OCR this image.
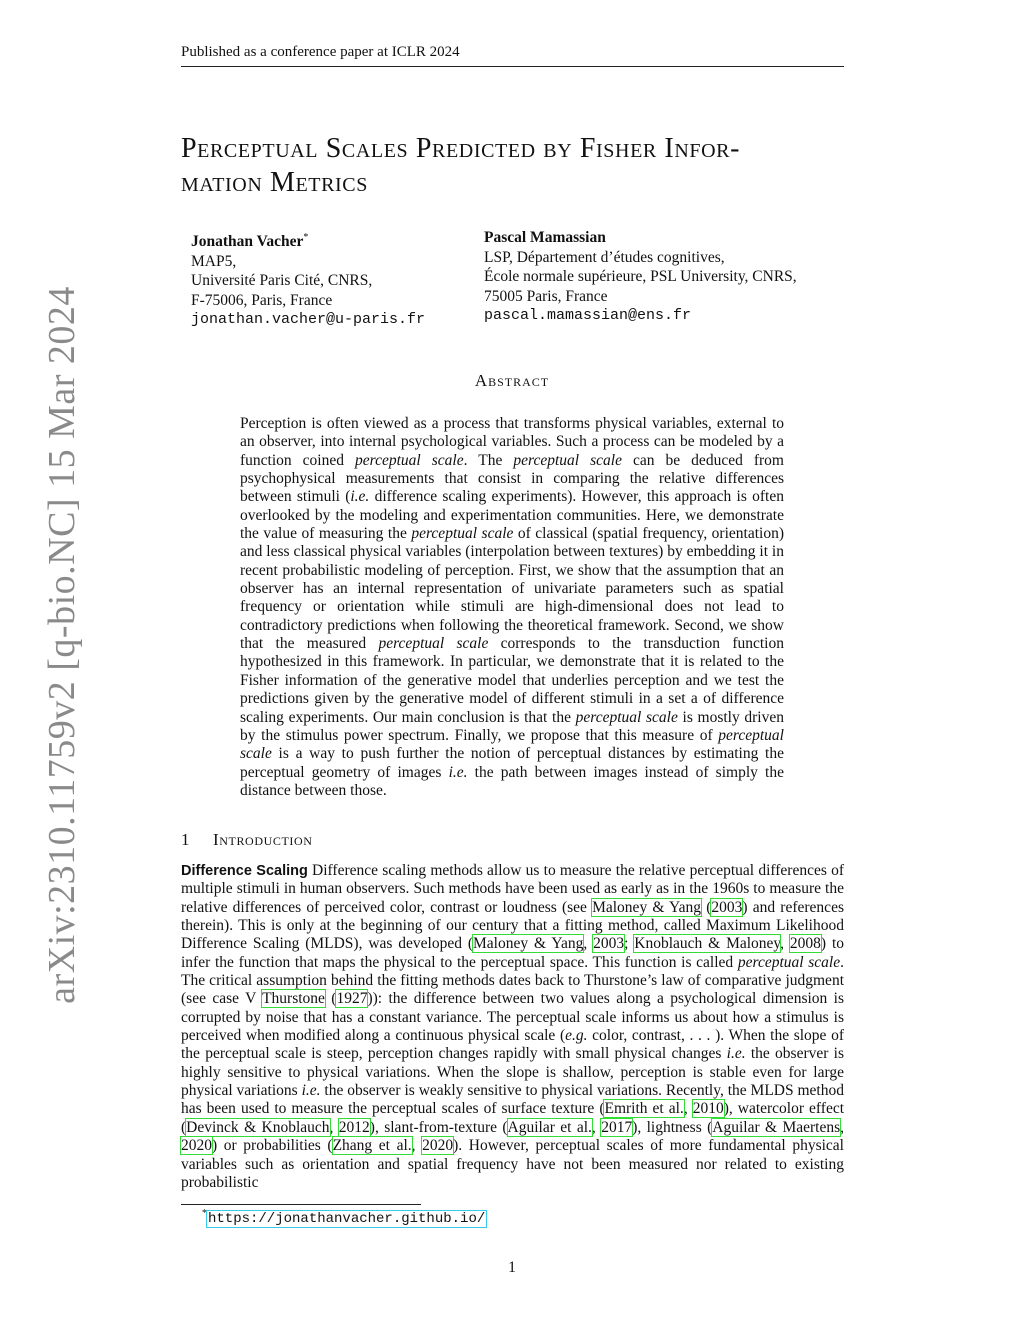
Published as a conference paper at ICLR 2024
arXiv:2310.11759v2 [q-bio.NC] 15 Mar 2024
Perceptual Scales Predicted by Fisher Infor-
mation Metrics
Jonathan Vacher*
MAP5,
Université Paris Cité, CNRS,
F-75006, Paris, France
jonathan.vacher@u-paris.fr
Pascal Mamassian
LSP, Département d’études cognitives,
École normale supérieure, PSL University, CNRS,
75005 Paris, France
pascal.mamassian@ens.fr
Abstract
Perception is often viewed as a process that transforms physical variables, external to an observer, into internal psychological variables. Such a process can be modeled by a function coined perceptual scale. The perceptual scale can be deduced from psychophysical measurements that consist in comparing the relative differences between stimuli (i.e. difference scaling experiments). However, this approach is often overlooked by the modeling and experimentation communities. Here, we demonstrate the value of measuring the perceptual scale of classical (spatial frequency, orientation) and less classical physical variables (interpolation between textures) by embedding it in recent probabilistic modeling of perception. First, we show that the assumption that an observer has an internal representation of univariate parameters such as spatial frequency or orientation while stimuli are high-dimensional does not lead to contradictory predictions when following the theoretical framework. Second, we show that the measured perceptual scale corresponds to the transduction function hypothesized in this framework. In particular, we demonstrate that it is related to the Fisher information of the generative model that underlies perception and we test the predictions given by the generative model of different stimuli in a set a of difference scaling experiments. Our main conclusion is that the perceptual scale is mostly driven by the stimulus power spectrum. Finally, we propose that this measure of perceptual scale is a way to push further the notion of perceptual distances by estimating the perceptual geometry of images i.e. the path between images instead of simply the distance between those.
1 Introduction
Difference Scaling Difference scaling methods allow us to measure the relative perceptual differences of multiple stimuli in human observers. Such methods have been used as early as in the 1960s to measure the relative differences of perceived color, contrast or loudness (see Maloney & Yang (2003) and references therein). This is only at the beginning of our century that a fitting method, called Maximum Likelihood Difference Scaling (MLDS), was developed (Maloney & Yang, 2003; Knoblauch & Maloney, 2008) to infer the function that maps the physical to the perceptual space. This function is called perceptual scale. The critical assumption behind the fitting methods dates back to Thurstone’s law of comparative judgment (see case V Thurstone (1927)): the difference between two values along a psychological dimension is corrupted by noise that has a constant variance. The perceptual scale informs us about how a stimulus is perceived when modified along a continuous physical scale (e.g. color, contrast, . . . ). When the slope of the perceptual scale is steep, perception changes rapidly with small physical changes i.e. the observer is highly sensitive to physical variations. When the slope is shallow, perception is stable even for large physical variations i.e. the observer is weakly sensitive to physical variations. Recently, the MLDS method has been used to measure the perceptual scales of surface texture (Emrith et al., 2010), watercolor effect (Devinck & Knoblauch, 2012), slant-from-texture (Aguilar et al., 2017), lightness (Aguilar & Maertens, 2020) or probabilities (Zhang et al., 2020). However, perceptual scales of more fundamental physical variables such as orientation and spatial frequency have not been measured nor related to existing probabilistic
*https://jonathanvacher.github.io/
1
